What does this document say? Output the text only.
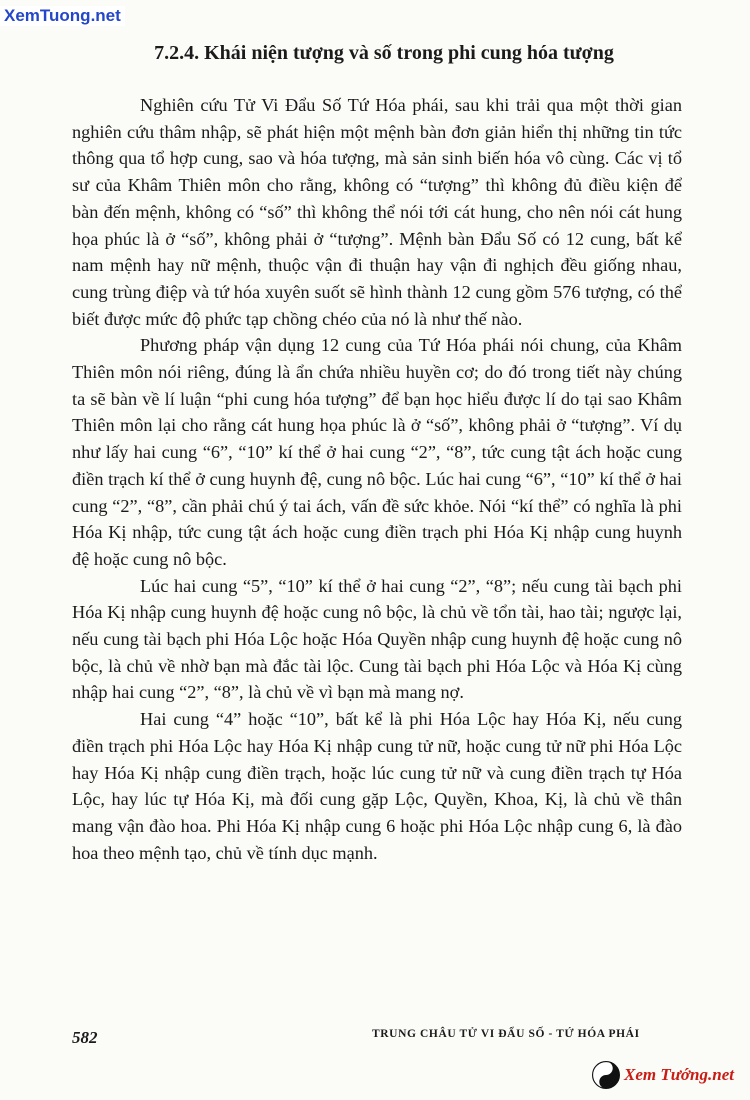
XemTuong.net
7.2.4. Khái niện tượng và số trong phi cung hóa tượng

Nghiên cứu Tử Vi Đẩu Số Tứ Hóa phái, sau khi trải qua một thời gian nghiên cứu thâm nhập, sẽ phát hiện một mệnh bàn đơn giản hiển thị những tin tức thông qua tổ hợp cung, sao và hóa tượng, mà sản sinh biến hóa vô cùng. Các vị tổ sư của Khâm Thiên môn cho rằng, không có “tượng” thì không đủ điều kiện để bàn đến mệnh, không có “số” thì không thể nói tới cát hung, cho nên nói cát hung họa phúc là ở “số”, không phải ở “tượng”. Mệnh bàn Đẩu Số có 12 cung, bất kể nam mệnh hay nữ mệnh, thuộc vận đi thuận hay vận đi nghịch đều giống nhau, cung trùng điệp và tứ hóa xuyên suốt sẽ hình thành 12 cung gồm 576 tượng, có thể biết được mức độ phức tạp chồng chéo của nó là như thế nào.

Phương pháp vận dụng 12 cung của Tứ Hóa phái nói chung, của Khâm Thiên môn nói riêng, đúng là ẩn chứa nhiều huyền cơ; do đó trong tiết này chúng ta sẽ bàn về lí luận “phi cung hóa tượng” để bạn học hiểu được lí do tại sao Khâm Thiên môn lại cho rằng cát hung họa phúc là ở “số”, không phải ở “tượng”. Ví dụ như lấy hai cung “6”, “10” kí thể ở hai cung “2”, “8”, tức cung tật ách hoặc cung điền trạch kí thể ở cung huynh đệ, cung nô bộc. Lúc hai cung “6”, “10” kí thể ở hai cung “2”, “8”, cần phải chú ý tai ách, vấn đề sức khỏe. Nói “kí thể” có nghĩa là phi Hóa Kị nhập, tức cung tật ách hoặc cung điền trạch phi Hóa Kị nhập cung huynh đệ hoặc cung nô bộc.

Lúc hai cung “5”, “10” kí thể ở hai cung “2”, “8”; nếu cung tài bạch phi Hóa Kị nhập cung huynh đệ hoặc cung nô bộc, là chủ về tổn tài, hao tài; ngược lại, nếu cung tài bạch phi Hóa Lộc hoặc Hóa Quyền nhập cung huynh đệ hoặc cung nô bộc, là chủ về nhờ bạn mà đắc tài lộc. Cung tài bạch phi Hóa Lộc và Hóa Kị cùng nhập hai cung “2”, “8”, là chủ về vì bạn mà mang nợ.

Hai cung “4” hoặc “10”, bất kể là phi Hóa Lộc hay Hóa Kị, nếu cung điền trạch phi Hóa Lộc hay Hóa Kị nhập cung tử nữ, hoặc cung tử nữ phi Hóa Lộc hay Hóa Kị nhập cung điền trạch, hoặc lúc cung tử nữ và cung điền trạch tự Hóa Lộc, hay lúc tự Hóa Kị, mà đối cung gặp Lộc, Quyền, Khoa, Kị, là chủ về thân mang vận đào hoa. Phi Hóa Kị nhập cung 6 hoặc phi Hóa Lộc nhập cung 6, là đào hoa theo mệnh tạo, chủ về tính dục mạnh.

582	TRUNG CHÂU TỬ VI ĐẨU SỐ - TỨ HÓA PHÁI
Xem Tướng.net
